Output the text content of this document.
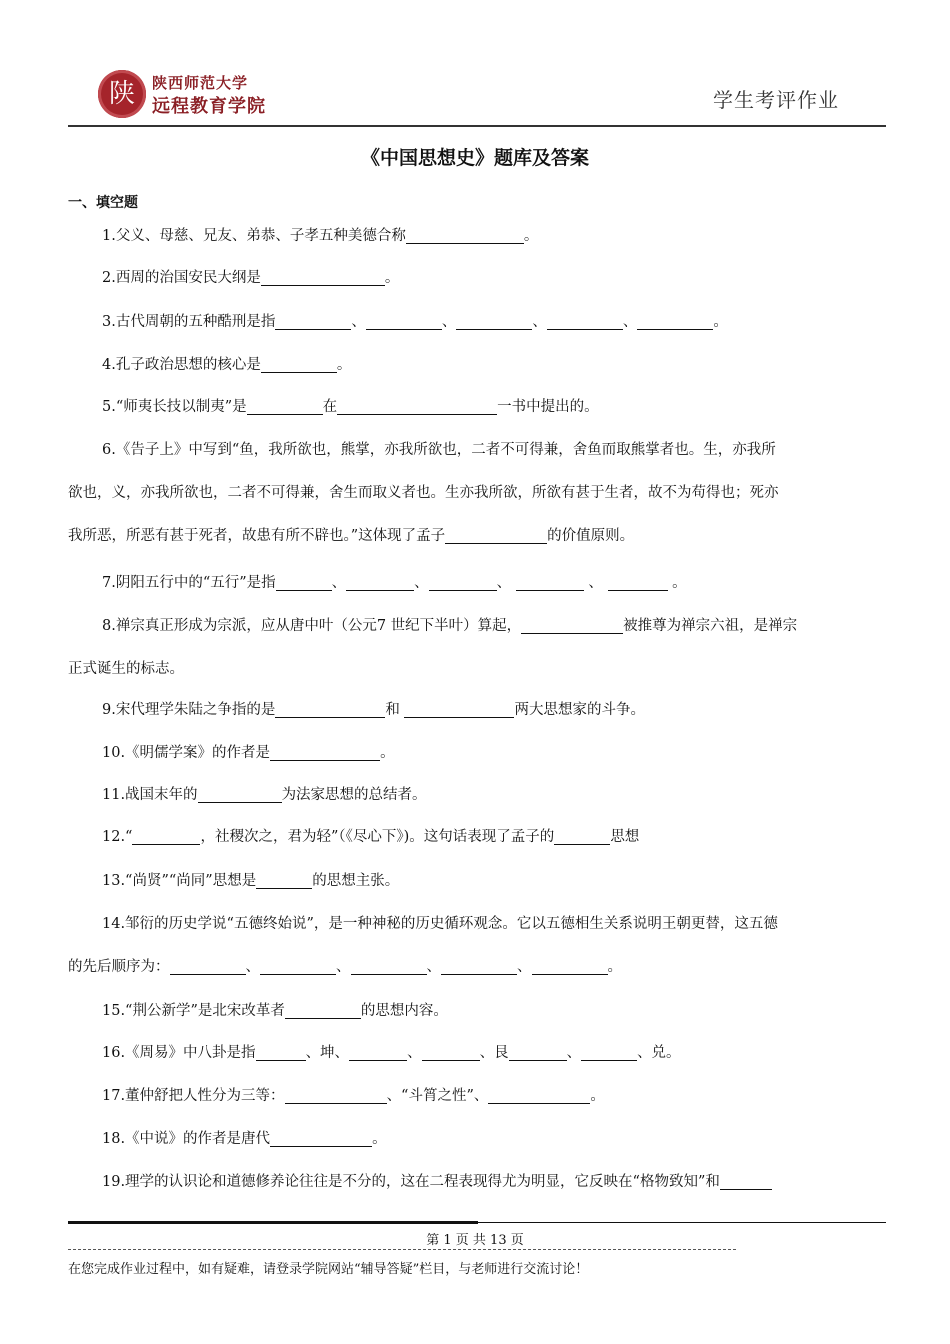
陕	陕西师范大学
远程教育学院	学生考评作业
《中国思想史》题库及答案
一、填空题
1.父义、母慈、兄友、弟恭、子孝五种美德合称	。
2.西周的治国安民大纲是	。
3.古代周朝的五种酷刑是指	、	、	、	、	。
4.孔子政治思想的核心是	。
5.“师夷长技以制夷”是	在	一书中提出的。
6.《告子上》中写到“鱼，我所欲也，熊掌，亦我所欲也，二者不可得兼，舍鱼而取熊掌者也。生，亦我所
欲也，义，亦我所欲也，二者不可得兼，舍生而取义者也。生亦我所欲，所欲有甚于生者，故不为苟得也；死亦
我所恶，所恶有甚于死者，故患有所不辟也。”这体现了孟子	的价值原则。
7.阴阳五行中的“五行”是指	、	、	、	、	。
8.禅宗真正形成为宗派，应从唐中叶（公元7 世纪下半叶）算起，	被推尊为禅宗六祖，是禅宗
正式诞生的标志。
9.宋代理学朱陆之争指的是	和	两大思想家的斗争。
10.《明儒学案》的作者是	。
11.战国末年的	为法家思想的总结者。
12.“	，社稷次之，君为轻”（《尽心下》)。这句话表现了孟子的	思想
13.“尚贤”“尚同”思想是	的思想主张。
14.邹衍的历史学说“五德终始说”，是一种神秘的历史循环观念。它以五德相生关系说明王朝更替，这五德
的先后顺序为：	、	、	、	、	。
15.“荆公新学”是北宋改革者	的思想内容。
16.《周易》中八卦是指	、坤、	、	、艮	、	、兑。
17.董仲舒把人性分为三等：	、“斗筲之性”、	。
18.《中说》的作者是唐代	。
19.理学的认识论和道德修养论往往是不分的，这在二程表现得尤为明显，它反映在“格物致知”和
第 1 页 共 13 页
在您完成作业过程中，如有疑难，请登录学院网站“辅导答疑”栏目，与老师进行交流讨论！
